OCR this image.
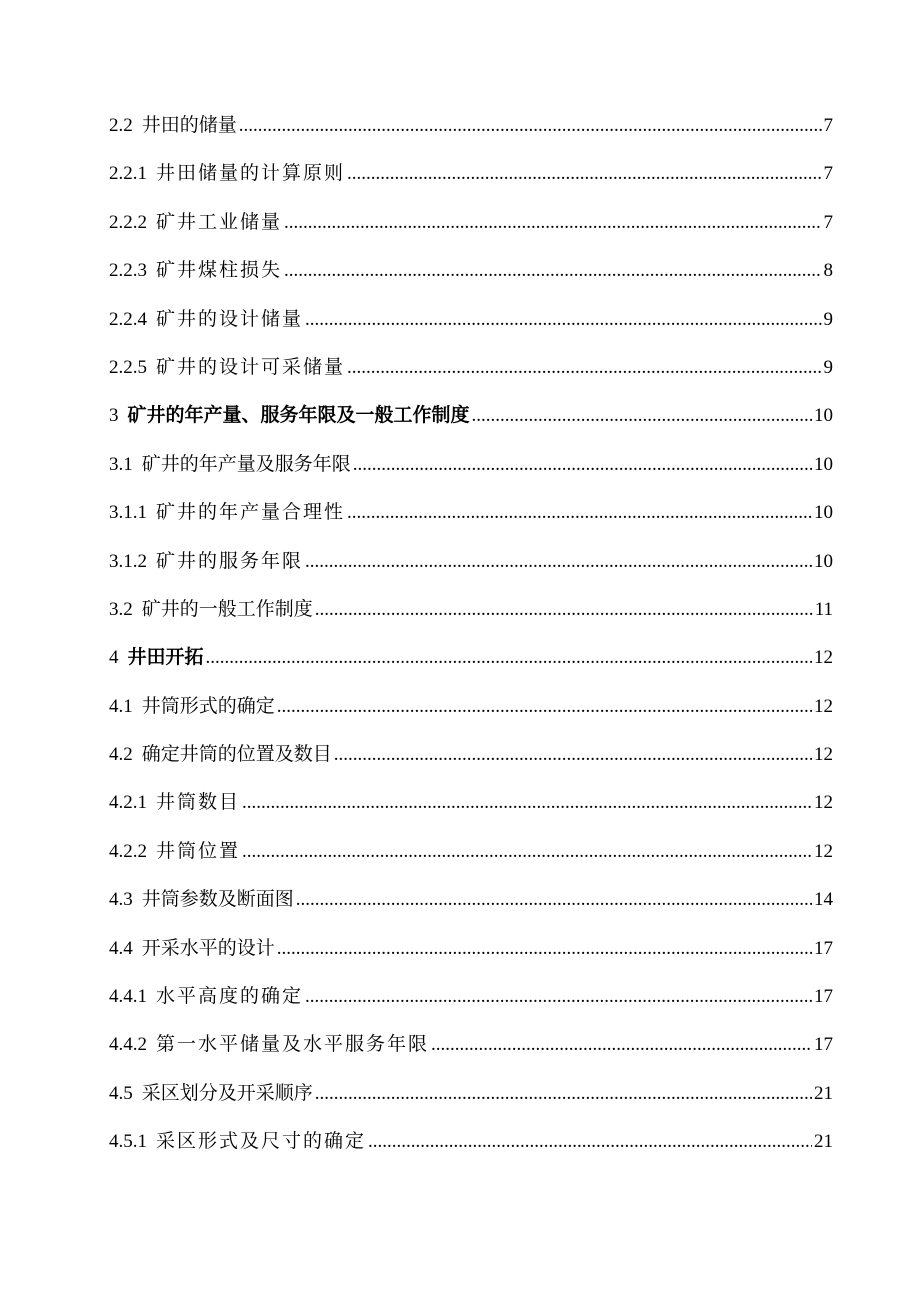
2.2 井田的储量 .....	7
2.2.1 井田储量的计算原则 .....	7
2.2.2 矿井工业储量 .....	7
2.2.3 矿井煤柱损失 .....	8
2.2.4 矿井的设计储量 .....	9
2.2.5 矿井的设计可采储量 .....	9
3 矿井的年产量、服务年限及一般工作制度 .....	10
3.1 矿井的年产量及服务年限 .....	10
3.1.1 矿井的年产量合理性 .....	10
3.1.2 矿井的服务年限 .....	10
3.2 矿井的一般工作制度 .....	11
4 井田开拓 .....	12
4.1 井筒形式的确定 .....	12
4.2 确定井筒的位置及数目 .....	12
4.2.1 井筒数目 .....	12
4.2.2 井筒位置 .....	12
4.3 井筒参数及断面图 .....	14
4.4 开采水平的设计 .....	17
4.4.1 水平高度的确定 .....	17
4.4.2 第一水平储量及水平服务年限 .....	17
4.5 采区划分及开采顺序 .....	21
4.5.1 采区形式及尺寸的确定 .....	21
